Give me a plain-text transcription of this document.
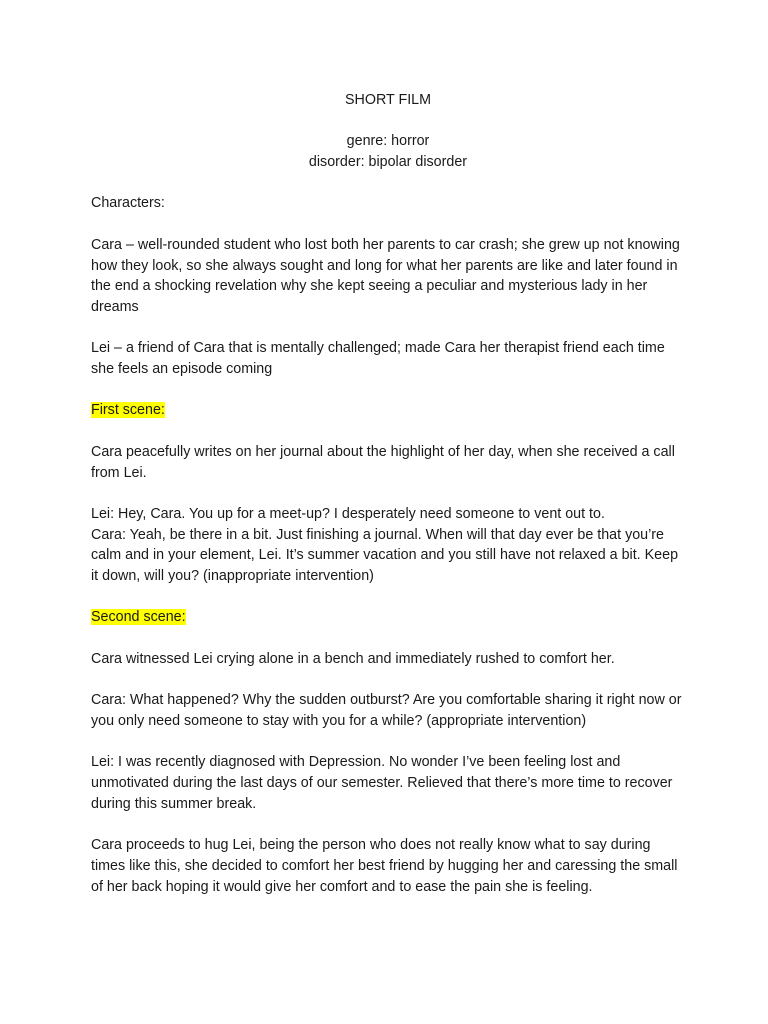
SHORT FILM

genre: horror

disorder: bipolar disorder

Characters:

Cara – well-rounded student who lost both her parents to car crash; she grew up not knowing how they look, so she always sought and long for what her parents are like and later found in the end a shocking revelation why she kept seeing a peculiar and mysterious lady in her dreams

Lei – a friend of Cara that is mentally challenged; made Cara her therapist friend each time she feels an episode coming

First scene:

Cara peacefully writes on her journal about the highlight of her day, when she received a call from Lei.

Lei: Hey, Cara. You up for a meet-up? I desperately need someone to vent out to.

Cara: Yeah, be there in a bit. Just finishing a journal. When will that day ever be that you’re calm and in your element, Lei. It’s summer vacation and you still have not relaxed a bit. Keep it down, will you? (inappropriate intervention)

Second scene:

Cara witnessed Lei crying alone in a bench and immediately rushed to comfort her.

Cara: What happened? Why the sudden outburst? Are you comfortable sharing it right now or you only need someone to stay with you for a while? (appropriate intervention)

Lei: I was recently diagnosed with Depression. No wonder I’ve been feeling lost and unmotivated during the last days of our semester. Relieved that there’s more time to recover during this summer break.

Cara proceeds to hug Lei, being the person who does not really know what to say during times like this, she decided to comfort her best friend by hugging her and caressing the small of her back hoping it would give her comfort and to ease the pain she is feeling.
